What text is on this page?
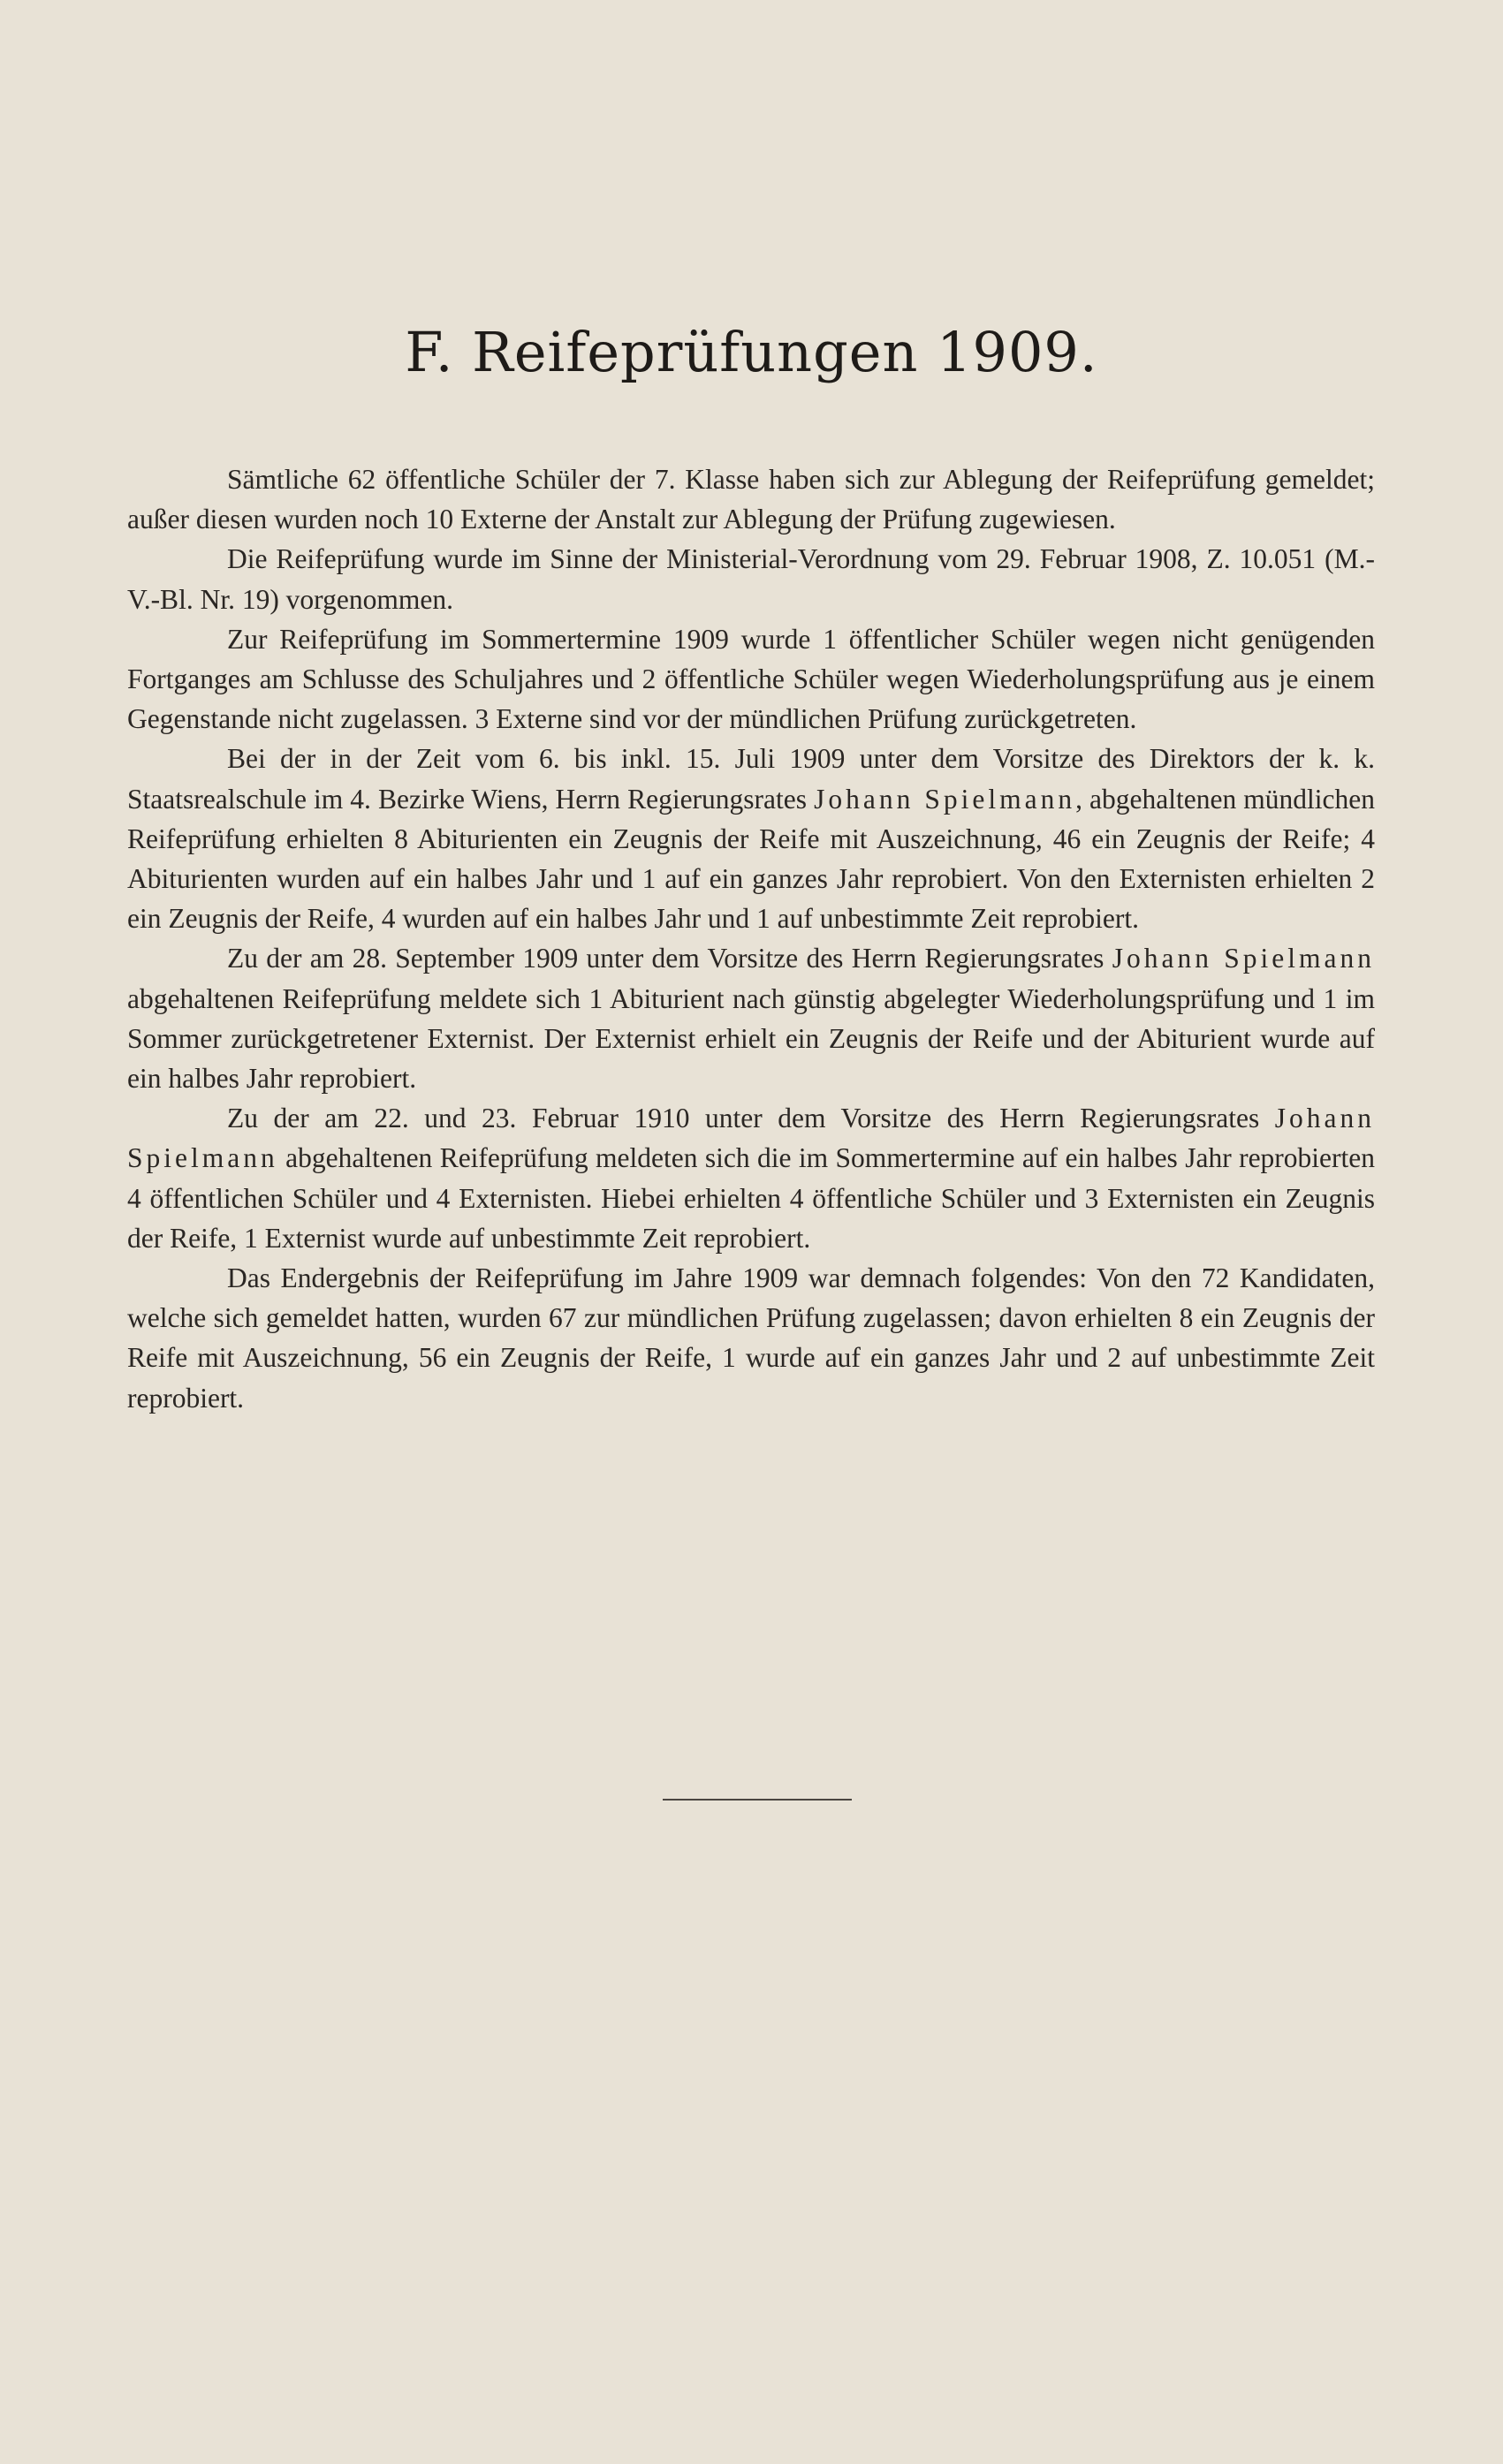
F. Reifeprüfungen 1909.

Sämtliche 62 öffentliche Schüler der 7. Klasse haben sich zur Ablegung der Reifeprüfung gemeldet; außer diesen wurden noch 10 Externe der Anstalt zur Ablegung der Prüfung zugewiesen.

Die Reifeprüfung wurde im Sinne der Ministerial-Verordnung vom 29. Februar 1908, Z. 10.051 (M.-V.-Bl. Nr. 19) vorgenommen.

Zur Reifeprüfung im Sommertermine 1909 wurde 1 öffentlicher Schüler wegen nicht genügenden Fortganges am Schlusse des Schuljahres und 2 öffentliche Schüler wegen Wiederholungsprüfung aus je einem Gegenstande nicht zugelassen. 3 Externe sind vor der mündlichen Prüfung zurückgetreten.

Bei der in der Zeit vom 6. bis inkl. 15. Juli 1909 unter dem Vorsitze des Direktors der k. k. Staatsrealschule im 4. Bezirke Wiens, Herrn Regierungsrates Johann Spielmann, abgehaltenen mündlichen Reifeprüfung erhielten 8 Abiturienten ein Zeugnis der Reife mit Auszeichnung, 46 ein Zeugnis der Reife; 4 Abiturienten wurden auf ein halbes Jahr und 1 auf ein ganzes Jahr reprobiert. Von den Externisten erhielten 2 ein Zeugnis der Reife, 4 wurden auf ein halbes Jahr und 1 auf unbestimmte Zeit reprobiert.

Zu der am 28. September 1909 unter dem Vorsitze des Herrn Regierungsrates Johann Spielmann abgehaltenen Reifeprüfung meldete sich 1 Abiturient nach günstig abgelegter Wiederholungsprüfung und 1 im Sommer zurückgetretener Externist. Der Externist erhielt ein Zeugnis der Reife und der Abiturient wurde auf ein halbes Jahr reprobiert.

Zu der am 22. und 23. Februar 1910 unter dem Vorsitze des Herrn Regierungsrates Johann Spielmann abgehaltenen Reifeprüfung meldeten sich die im Sommertermine auf ein halbes Jahr reprobierten 4 öffentlichen Schüler und 4 Externisten. Hiebei erhielten 4 öffentliche Schüler und 3 Externisten ein Zeugnis der Reife, 1 Externist wurde auf unbestimmte Zeit reprobiert.

Das Endergebnis der Reifeprüfung im Jahre 1909 war demnach folgendes: Von den 72 Kandidaten, welche sich gemeldet hatten, wurden 67 zur mündlichen Prüfung zugelassen; davon erhielten 8 ein Zeugnis der Reife mit Auszeichnung, 56 ein Zeugnis der Reife, 1 wurde auf ein ganzes Jahr und 2 auf unbestimmte Zeit reprobiert.
